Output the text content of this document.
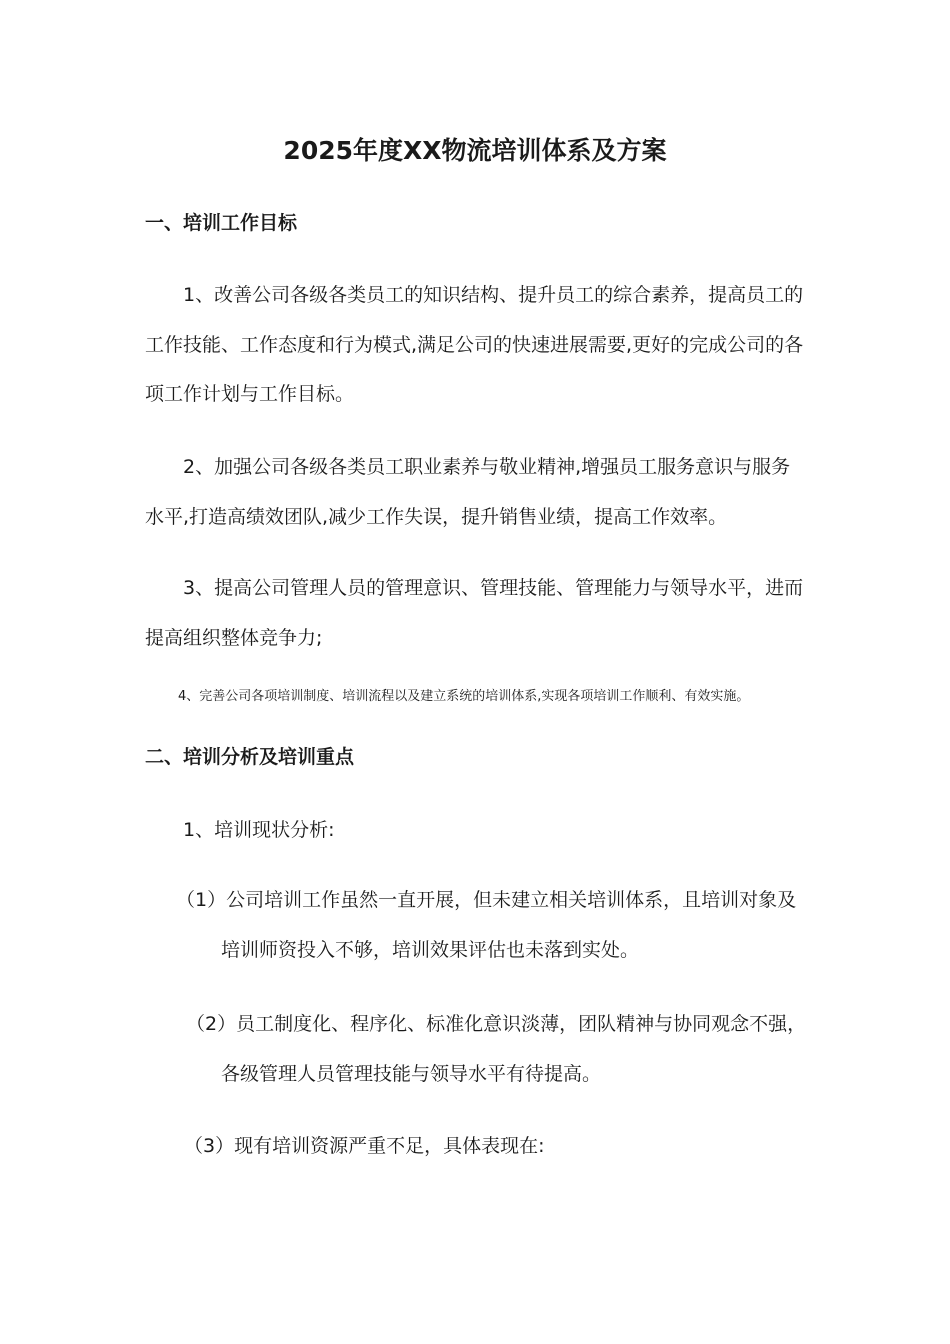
2025年度XX物流培训体系及方案
一、培训工作目标
1、改善公司各级各类员工的知识结构、提升员工的综合素养，提高员工的
工作技能、工作态度和行为模式,满足公司的快速进展需要,更好的完成公司的各
项工作计划与工作目标。
2、加强公司各级各类员工职业素养与敬业精神,增强员工服务意识与服务
水平,打造高绩效团队,减少工作失误，提升销售业绩，提高工作效率。
3、提高公司管理人员的管理意识、管理技能、管理能力与领导水平，进而
提高组织整体竞争力;
4、完善公司各项培训制度、培训流程以及建立系统的培训体系,实现各项培训工作顺利、有效实施。
二、培训分析及培训重点
1、培训现状分析:
（1）公司培训工作虽然一直开展，但未建立相关培训体系，且培训对象及
培训师资投入不够，培训效果评估也未落到实处。
（2）员工制度化、程序化、标准化意识淡薄，团队精神与协同观念不强，
各级管理人员管理技能与领导水平有待提高。
（3）现有培训资源严重不足，具体表现在:
